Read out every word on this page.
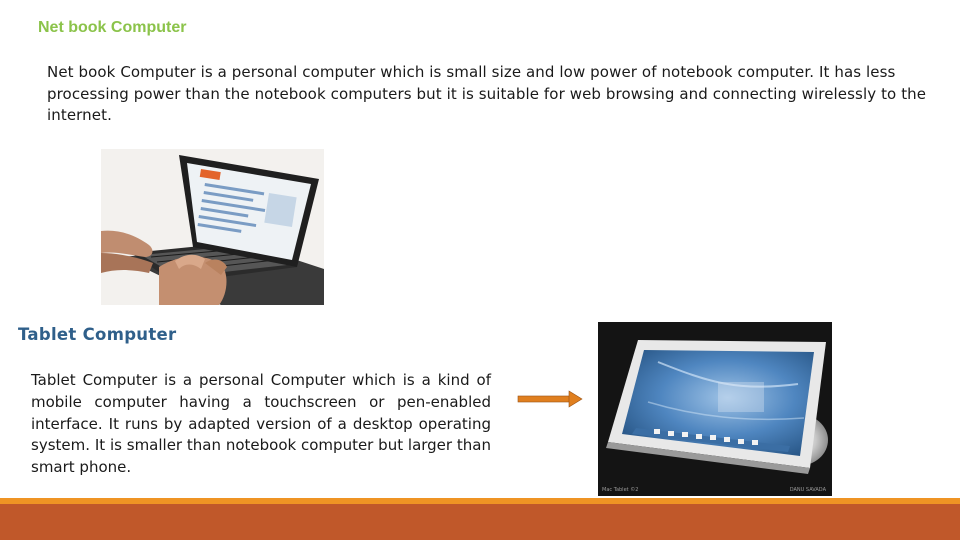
Net book Computer
Net book Computer is a personal computer which is small size and low power of notebook computer. It has less processing power than the notebook computers but it is suitable for web browsing and connecting wirelessly to the internet.
Tablet Computer
Tablet Computer is a personal Computer which is a kind of mobile computer having a touchscreen or pen-enabled interface. It runs by adapted version of a desktop operating system. It is smaller than notebook computer but larger than smart phone.
Mac Tablet ©2	DANU SAVADA
